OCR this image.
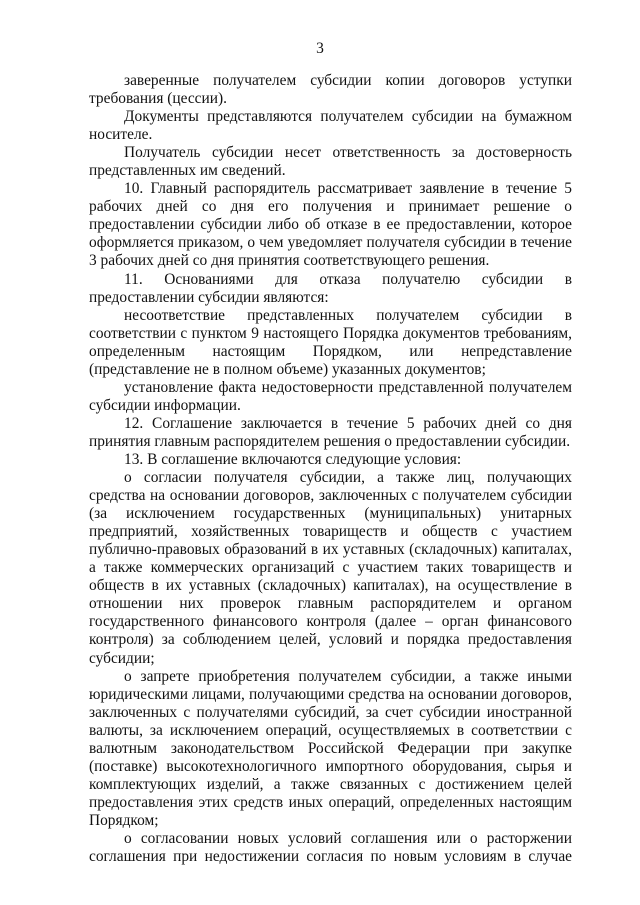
3

заверенные получателем субсидии копии договоров уступки требования (цессии).

Документы представляются получателем субсидии на бумажном носителе.

Получатель субсидии несет ответственность за достоверность представленных им сведений.

10. Главный распорядитель рассматривает заявление в течение 5 рабочих дней со дня его получения и принимает решение о предоставлении субсидии либо об отказе в ее предоставлении, которое оформляется приказом, о чем уведомляет получателя субсидии в течение 3 рабочих дней со дня принятия соответствующего решения.

11. Основаниями для отказа получателю субсидии в предоставлении субсидии являются:

несоответствие представленных получателем субсидии в соответствии с пунктом 9 настоящего Порядка документов требованиям, определенным настоящим Порядком, или непредставление (представление не в полном объеме) указанных документов;

установление факта недостоверности представленной получателем субсидии информации.

12. Соглашение заключается в течение 5 рабочих дней со дня принятия главным распорядителем решения о предоставлении субсидии.

13. В соглашение включаются следующие условия:

о согласии получателя субсидии, а также лиц, получающих средства на основании договоров, заключенных с получателем субсидии (за исключением государственных (муниципальных) унитарных предприятий, хозяйственных товариществ и обществ с участием публично-правовых образований в их уставных (складочных) капиталах, а также коммерческих организаций с участием таких товариществ и обществ в их уставных (складочных) капиталах), на осуществление в отношении них проверок главным распорядителем и органом государственного финансового контроля (далее – орган финансового контроля) за соблюдением целей, условий и порядка предоставления субсидии;

о запрете приобретения получателем субсидии, а также иными юридическими лицами, получающими средства на основании договоров, заключенных с получателями субсидий, за счет субсидии иностранной валюты, за исключением операций, осуществляемых в соответствии с валютным законодательством Российской Федерации при закупке (поставке) высокотехнологичного импортного оборудования, сырья и комплектующих изделий, а также связанных с достижением целей предоставления этих средств иных операций, определенных настоящим Порядком;

о согласовании новых условий соглашения или о расторжении соглашения при недостижении согласия по новым условиям в случае
